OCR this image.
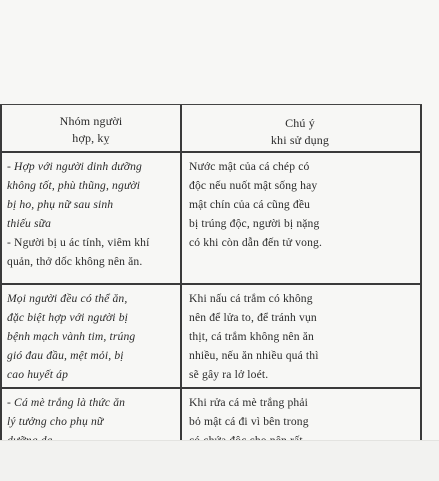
Nhóm người
hợp, kỵ
Chú ý
khi sử dụng
- Hợp với người dinh dưỡng
không tốt, phù thũng, người
bị ho, phụ nữ sau sinh
thiếu sữa
- Người bị u ác tính, viêm khí
quản, thở dốc không nên ăn.
Nước mật của cá chép có
độc nếu nuốt mật sống hay
mật chín của cá cũng đều
bị trúng độc, người bị nặng
có khi còn dẫn đến tử vong.
Mọi người đều có thể ăn,
đặc biệt hợp với người bị
bệnh mạch vành tim, trúng
gió đau đầu, mệt mỏi, bị
cao huyết áp
Khi nấu cá trắm có không
nên để lửa to, để tránh vụn
thịt, cá trắm không nên ăn
nhiều, nếu ăn nhiều quá thì
sẽ gây ra lở loét.
- Cá mè trắng là thức ăn
lý tưởng cho phụ nữ
Khi rửa cá mè trắng phải
bỏ mật cá đi vì bên trong
